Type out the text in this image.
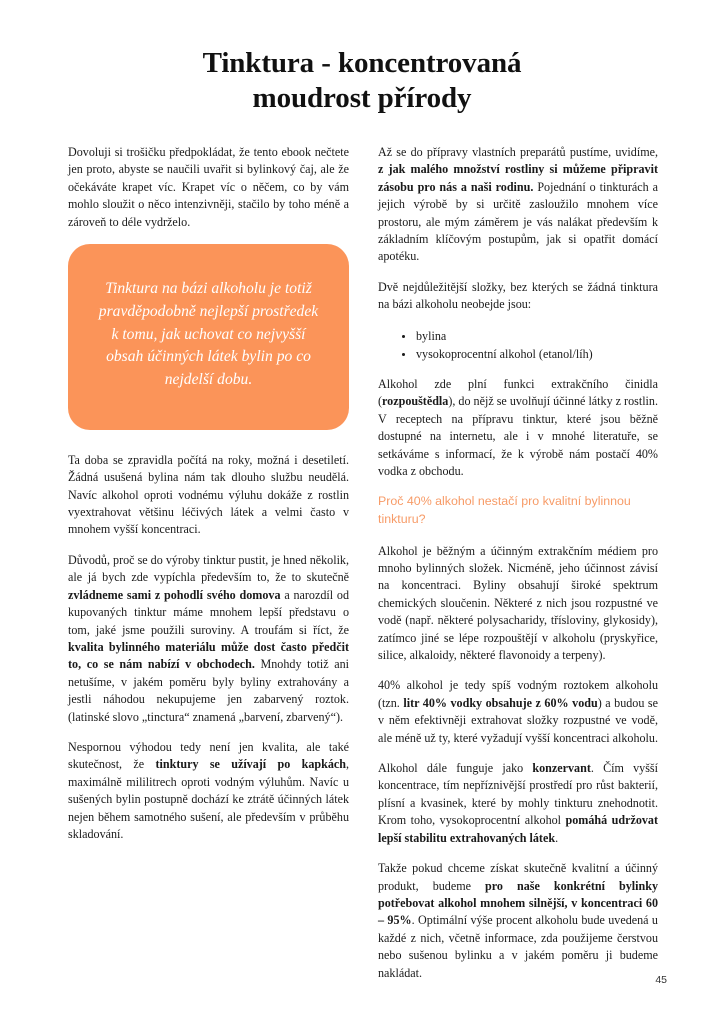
Tinktura - koncentrovaná
moudrost přírody

Dovoluji si trošičku předpokládat, že tento ebook nečtete jen proto, abyste se naučili uvařit si bylinkový čaj, ale že očekáváte krapet víc. Krapet víc o něčem, co by vám mohlo sloužit o něco intenzivněji, stačilo by toho méně a zároveň to déle vydrželo.

Tinktura na bázi alkoholu je totiž pravděpodobně nejlepší prostředek k tomu, jak uchovat co nejvyšší obsah účinných látek bylin po co nejdelší dobu.

Ta doba se zpravidla počítá na roky, možná i desetiletí. Žádná usušená bylina nám tak dlouho službu neudělá. Navíc alkohol oproti vodnému výluhu dokáže z rostlin vyextrahovat většinu léčivých látek a velmi často v mnohem vyšší koncentraci.

Důvodů, proč se do výroby tinktur pustit, je hned několik, ale já bych zde vypíchla především to, že to skutečně zvládneme sami z pohodlí svého domova a narozdíl od kupovaných tinktur máme mnohem lepší představu o tom, jaké jsme použili suroviny. A troufám si říct, že kvalita bylinného materiálu může dost často předčit to, co se nám nabízí v obchodech. Mnohdy totiž ani netušíme, v jakém poměru byly byliny extrahovány a jestli náhodou nekupujeme jen zabarvený roztok. (latinské slovo „tinctura“ znamená „barvení, zbarvený“).

Nespornou výhodou tedy není jen kvalita, ale také skutečnost, že tinktury se užívají po kapkách, maximálně mililitrech oproti vodným výluhům. Navíc u sušených bylin postupně dochází ke ztrátě účinných látek nejen během samotného sušení, ale především v průběhu skladování.

Až se do přípravy vlastních preparátů pustíme, uvidíme, z jak malého množství rostliny si můžeme připravit zásobu pro nás a naši rodinu. Pojednání o tinkturách a jejich výrobě by si určitě zasloužilo mnohem více prostoru, ale mým záměrem je vás nalákat především k základním klíčovým postupům, jak si opatřit domácí apotéku.

Dvě nejdůležitější složky, bez kterých se žádná tinktura na bázi alkoholu neobejde jsou:

bylina
vysokoprocentní alkohol (etanol/líh)

Alkohol zde plní funkci extrakčního činidla (rozpouštědla), do nějž se uvolňují účinné látky z rostlin. V receptech na přípravu tinktur, které jsou běžně dostupné na internetu, ale i v mnohé literatuře, se setkáváme s informací, že k výrobě nám postačí 40% vodka z obchodu.

Proč 40% alkohol nestačí pro kvalitní bylinnou tinkturu?

Alkohol je běžným a účinným extrakčním médiem pro mnoho bylinných složek. Nicméně, jeho účinnost závisí na koncentraci. Byliny obsahují široké spektrum chemických sloučenin. Některé z nich jsou rozpustné ve vodě (např. některé polysacharidy, třísloviny, glykosidy), zatímco jiné se lépe rozpouštějí v alkoholu (pryskyřice, silice, alkaloidy, některé flavonoidy a terpeny).

40% alkohol je tedy spíš vodným roztokem alkoholu (tzn. litr 40% vodky obsahuje z 60% vodu) a budou se v něm efektivněji extrahovat složky rozpustné ve vodě, ale méně už ty, které vyžadují vyšší koncentraci alkoholu.

Alkohol dále funguje jako konzervant. Čím vyšší koncentrace, tím nepříznivější prostředí pro růst bakterií, plísní a kvasinek, které by mohly tinkturu znehodnotit. Krom toho, vysokoprocentní alkohol pomáhá udržovat lepší stabilitu extrahovaných látek.

Takže pokud chceme získat skutečně kvalitní a účinný produkt, budeme pro naše konkrétní bylinky potřebovat alkohol mnohem silnější, v koncentraci 60 – 95%. Optimální výše procent alkoholu bude uvedená u každé z nich, včetně informace, zda použijeme čerstvou nebo sušenou bylinku a v jakém poměru ji budeme nakládat.

45
